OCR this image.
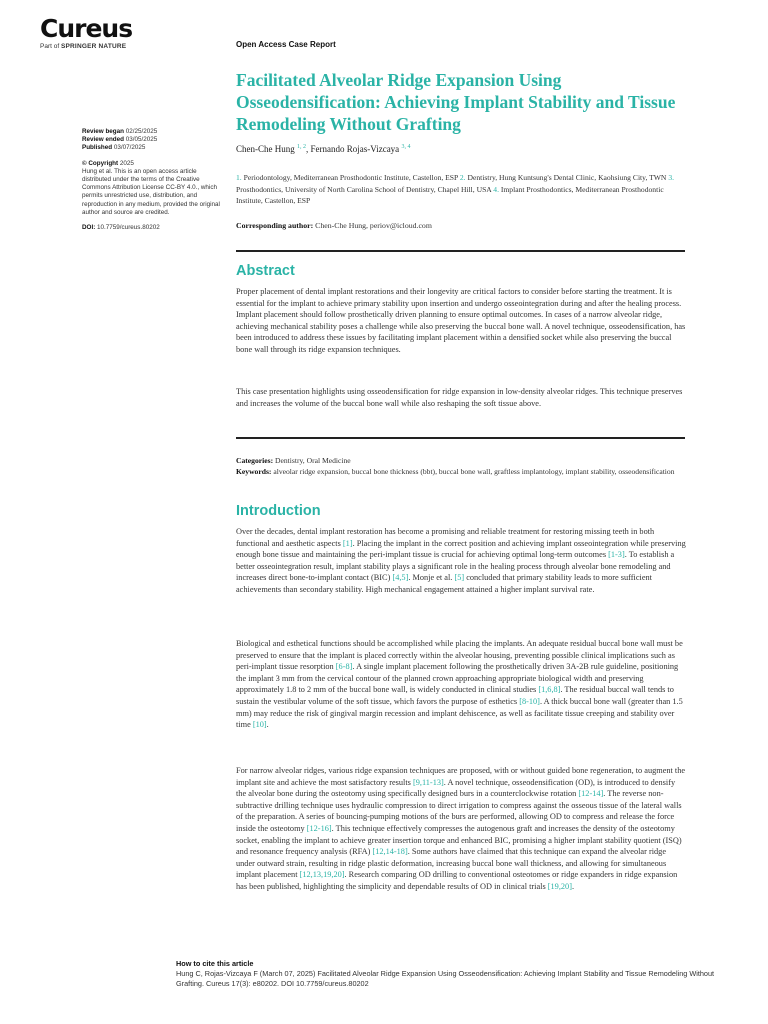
Cureus
Part of SPRINGER NATURE	Open Access Case Report
Facilitated Alveolar Ridge Expansion Using Osseodensification: Achieving Implant Stability and Tissue Remodeling Without Grafting
Chen-Che Hung $^{1, 2}$, Fernando Rojas-Vizcaya $^{3, 4}$
1. Periodontology, Mediterranean Prosthodontic Institute, Castellon, ESP 2. Dentistry, Hung Kuntsung's Dental Clinic, Kaohsiung City, TWN 3. Prosthodontics, University of North Carolina School of Dentistry, Chapel Hill, USA 4. Implant Prosthodontics, Mediterranean Prosthodontic Institute, Castellon, ESP
Corresponding author: Chen-Che Hung, periov@icloud.com
Review began 02/25/2025
Review ended 03/05/2025
Published 03/07/2025
© Copyright 2025
Hung et al. This is an open access article distributed under the terms of the Creative Commons Attribution License CC-BY 4.0., which permits unrestricted use, distribution, and reproduction in any medium, provided the original author and source are credited.
DOI: 10.7759/cureus.80202
Abstract

Proper placement of dental implant restorations and their longevity are critical factors to consider before starting the treatment. It is essential for the implant to achieve primary stability upon insertion and undergo osseointegration during and after the healing process. Implant placement should follow prosthetically driven planning to ensure optimal outcomes. In cases of a narrow alveolar ridge, achieving mechanical stability poses a challenge while also preserving the buccal bone wall. A novel technique, osseodensification, has been introduced to address these issues by facilitating implant placement within a densified socket while also preserving the buccal bone wall through its ridge expansion techniques.

This case presentation highlights using osseodensification for ridge expansion in low-density alveolar ridges. This technique preserves and increases the volume of the buccal bone wall while also reshaping the soft tissue above.

Categories: Dentistry, Oral Medicine
Keywords: alveolar ridge expansion, buccal bone thickness (bbt), buccal bone wall, graftless implantology, implant stability, osseodensification
Introduction

Over the decades, dental implant restoration has become a promising and reliable treatment for restoring missing teeth in both functional and aesthetic aspects [1]. Placing the implant in the correct position and achieving implant osseointegration while preserving enough bone tissue and maintaining the peri-implant tissue is crucial for achieving optimal long-term outcomes [1-3]. To establish a better osseointegration result, implant stability plays a significant role in the healing process through alveolar bone remodeling and increases direct bone-to-implant contact (BIC) [4,5]. Monje et al. [5] concluded that primary stability leads to more sufficient achievements than secondary stability. High mechanical engagement attained a higher implant survival rate.

Biological and esthetical functions should be accomplished while placing the implants. An adequate residual buccal bone wall must be preserved to ensure that the implant is placed correctly within the alveolar housing, preventing possible clinical implications such as peri-implant tissue resorption [6-8]. A single implant placement following the prosthetically driven 3A-2B rule guideline, positioning the implant 3 mm from the cervical contour of the planned crown approaching appropriate biological width and preserving approximately 1.8 to 2 mm of the buccal bone wall, is widely conducted in clinical studies [1,6,8]. The residual buccal wall tends to sustain the vestibular volume of the soft tissue, which favors the purpose of esthetics [8-10]. A thick buccal bone wall (greater than 1.5 mm) may reduce the risk of gingival margin recession and implant dehiscence, as well as facilitate tissue creeping and stability over time [10].

For narrow alveolar ridges, various ridge expansion techniques are proposed, with or without guided bone regeneration, to augment the implant site and achieve the most satisfactory results [9,11-13]. A novel technique, osseodensification (OD), is introduced to densify the alveolar bone during the osteotomy using specifically designed burs in a counterclockwise rotation [12-14]. The reverse non-subtractive drilling technique uses hydraulic compression to direct irrigation to compress against the osseous tissue of the lateral walls of the preparation. A series of bouncing-pumping motions of the burs are performed, allowing OD to compress and release the force inside the osteotomy [12-16]. This technique effectively compresses the autogenous graft and increases the density of the osteotomy socket, enabling the implant to achieve greater insertion torque and enhanced BIC, promising a higher implant stability quotient (ISQ) and resonance frequency analysis (RFA) [12,14-18]. Some authors have claimed that this technique can expand the alveolar ridge under outward strain, resulting in ridge plastic deformation, increasing buccal bone wall thickness, and allowing for simultaneous implant placement [12,13,19,20]. Research comparing OD drilling to conventional osteotomes or ridge expanders in ridge expansion has been published, highlighting the simplicity and dependable results of OD in clinical trials [19,20].

How to cite this article
Hung C, Rojas-Vizcaya F (March 07, 2025) Facilitated Alveolar Ridge Expansion Using Osseodensification: Achieving Implant Stability and Tissue Remodeling Without Grafting. Cureus 17(3): e80202. DOI 10.7759/cureus.80202
